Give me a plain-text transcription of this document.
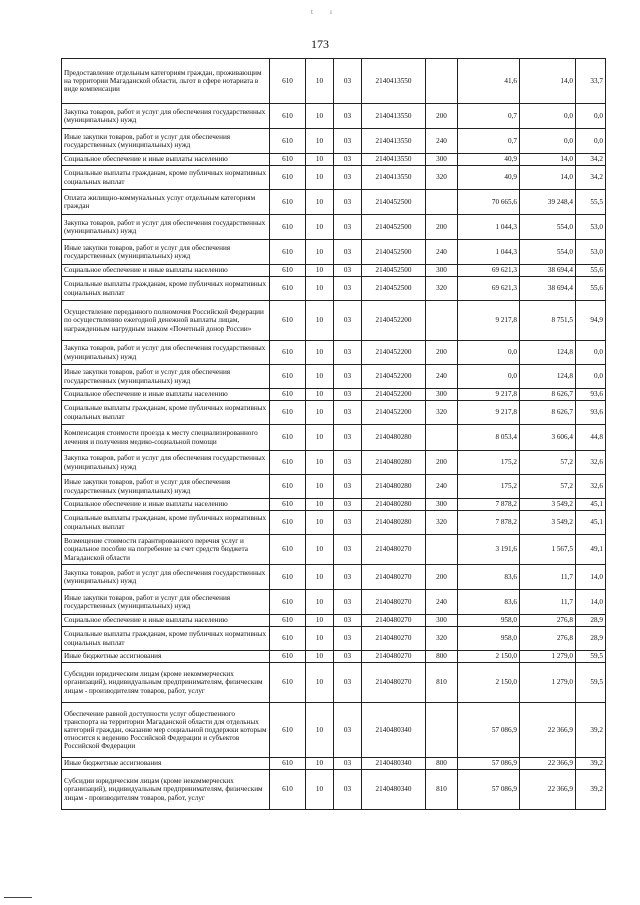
t ı
173
Предоставление отдельным категориям граждан, проживающим на территории Магаданской области, льгот в сфере нотариата в виде компенсации	610	10	03	2140413550		41,6	14,0	33,7
Закупка товаров, работ и услуг для обеспечения государственных (муниципальных) нужд	610	10	03	2140413550	200	0,7	0,0	0,0
Иные закупки товаров, работ и услуг для обеспечения государственных (муниципальных) нужд	610	10	03	2140413550	240	0,7	0,0	0,0
Социальное обеспечение и иные выплаты населению	610	10	03	2140413550	300	40,9	14,0	34,2
Социальные выплаты гражданам, кроме публичных нормативных социальных выплат	610	10	03	2140413550	320	40,9	14,0	34,2
Оплата жилищно-коммунальных услуг отдельным категориям граждан	610	10	03	2140452500		70 665,6	39 248,4	55,5
Закупка товаров, работ и услуг для обеспечения государственных (муниципальных) нужд	610	10	03	2140452500	200	1 044,3	554,0	53,0
Иные закупки товаров, работ и услуг для обеспечения государственных (муниципальных) нужд	610	10	03	2140452500	240	1 044,3	554,0	53,0
Социальное обеспечение и иные выплаты населению	610	10	03	2140452500	300	69 621,3	38 694,4	55,6
Социальные выплаты гражданам, кроме публичных нормативных социальных выплат	610	10	03	2140452500	320	69 621,3	38 694,4	55,6
Осуществление переданного полномочия Российской Федерации по осуществлению ежегодной денежной выплаты лицам, награжденным нагрудным знаком «Почетный донор России»	610	10	03	2140452200		9 217,8	8 751,5	94,9
Закупка товаров, работ и услуг для обеспечения государственных (муниципальных) нужд	610	10	03	2140452200	200	0,0	124,8	0,0
Иные закупки товаров, работ и услуг для обеспечения государственных (муниципальных) нужд	610	10	03	2140452200	240	0,0	124,8	0,0
Социальное обеспечение и иные выплаты населению	610	10	03	2140452200	300	9 217,8	8 626,7	93,6
Социальные выплаты гражданам, кроме публичных нормативных социальных выплат	610	10	03	2140452200	320	9 217,8	8 626,7	93,6
Компенсация стоимости проезда к месту специализированного лечения и получения медико-социальной помощи	610	10	03	2140480280		8 053,4	3 606,4	44,8
Закупка товаров, работ и услуг для обеспечения государственных (муниципальных) нужд	610	10	03	2140480280	200	175,2	57,2	32,6
Иные закупки товаров, работ и услуг для обеспечения государственных (муниципальных) нужд	610	10	03	2140480280	240	175,2	57,2	32,6
Социальное обеспечение и иные выплаты населению	610	10	03	2140480280	300	7 878,2	3 549,2	45,1
Социальные выплаты гражданам, кроме публичных нормативных социальных выплат	610	10	03	2140480280	320	7 878,2	3 549,2	45,1
Возмещение стоимости гарантированного перечня услуг и социальное пособие на погребение за счет средств бюджета Магаданской области	610	10	03	2140480270		3 191,6	1 567,5	49,1
Закупка товаров, работ и услуг для обеспечения государственных (муниципальных) нужд	610	10	03	2140480270	200	83,6	11,7	14,0
Иные закупки товаров, работ и услуг для обеспечения государственных (муниципальных) нужд	610	10	03	2140480270	240	83,6	11,7	14,0
Социальное обеспечение и иные выплаты населению	610	10	03	2140480270	300	958,0	276,8	28,9
Социальные выплаты гражданам, кроме публичных нормативных социальных выплат	610	10	03	2140480270	320	958,0	276,8	28,9
Иные бюджетные ассигнования	610	10	03	2140480270	800	2 150,0	1 279,0	59,5
Субсидии юридическим лицам (кроме некоммерческих организаций), индивидуальным предпринимателям, физическим лицам - производителям товаров, работ, услуг	610	10	03	2140480270	810	2 150,0	1 279,0	59,5
Обеспечение равной доступности услуг общественного транспорта на территории Магаданской области для отдельных категорий граждан, оказание мер социальной поддержки которым относится к ведению Российской Федерации и субъектов Российской Федерации	610	10	03	2140480340		57 086,9	22 366,9	39,2
Иные бюджетные ассигнования	610	10	03	2140480340	800	57 086,9	22 366,9	39,2
Субсидии юридическим лицам (кроме некоммерческих организаций), индивидуальным предпринимателям, физическим лицам - производителям товаров, работ, услуг	610	10	03	2140480340	810	57 086,9	22 366,9	39,2
